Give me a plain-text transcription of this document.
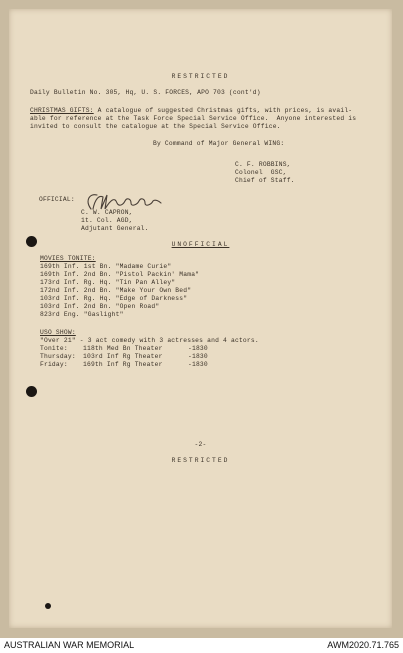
RESTRICTED
Daily Bulletin No. 305, Hq, U. S. FORCES, APO 703 (cont'd)
CHRISTMAS GIFTS: A catalogue of suggested Christmas gifts, with prices, is avail-
able for reference at the Task Force Special Service Office.  Anyone interested is
invited to consult the catalogue at the Special Service Office.
By Command of Major General WING:
C. F. ROBBINS,
Colonel  GSC,
Chief of Staff.
OFFICIAL:
C. W. CAPRON,
1t. Col. AGD,
Adjutant General.
UNOFFICIAL
MOVIES TONITE:
169th Inf. 1st Bn. "Madame Curie"
169th Inf. 2nd Bn. "Pistol Packin' Mama"
173rd Inf. Rg. Hq. "Tin Pan Alley"
172nd Inf. 2nd Bn. "Make Your Own Bed"
103rd Inf. Rg. Hq. "Edge of Darkness"
103rd Inf. 2nd Bn. "Open Road"
823rd Eng. "Gaslight"
USO SHOW:
"Over 21" - 3 act comedy with 3 actresses and 4 actors.
Tonite: 118th Med Bn Theater	-1830
Thursday: 103rd Inf Rg Theater	-1830
Friday: 169th Inf Rg Theater	-1830
-2-
RESTRICTED
AUSTRALIAN WAR MEMORIAL	AWM2020.71.765
